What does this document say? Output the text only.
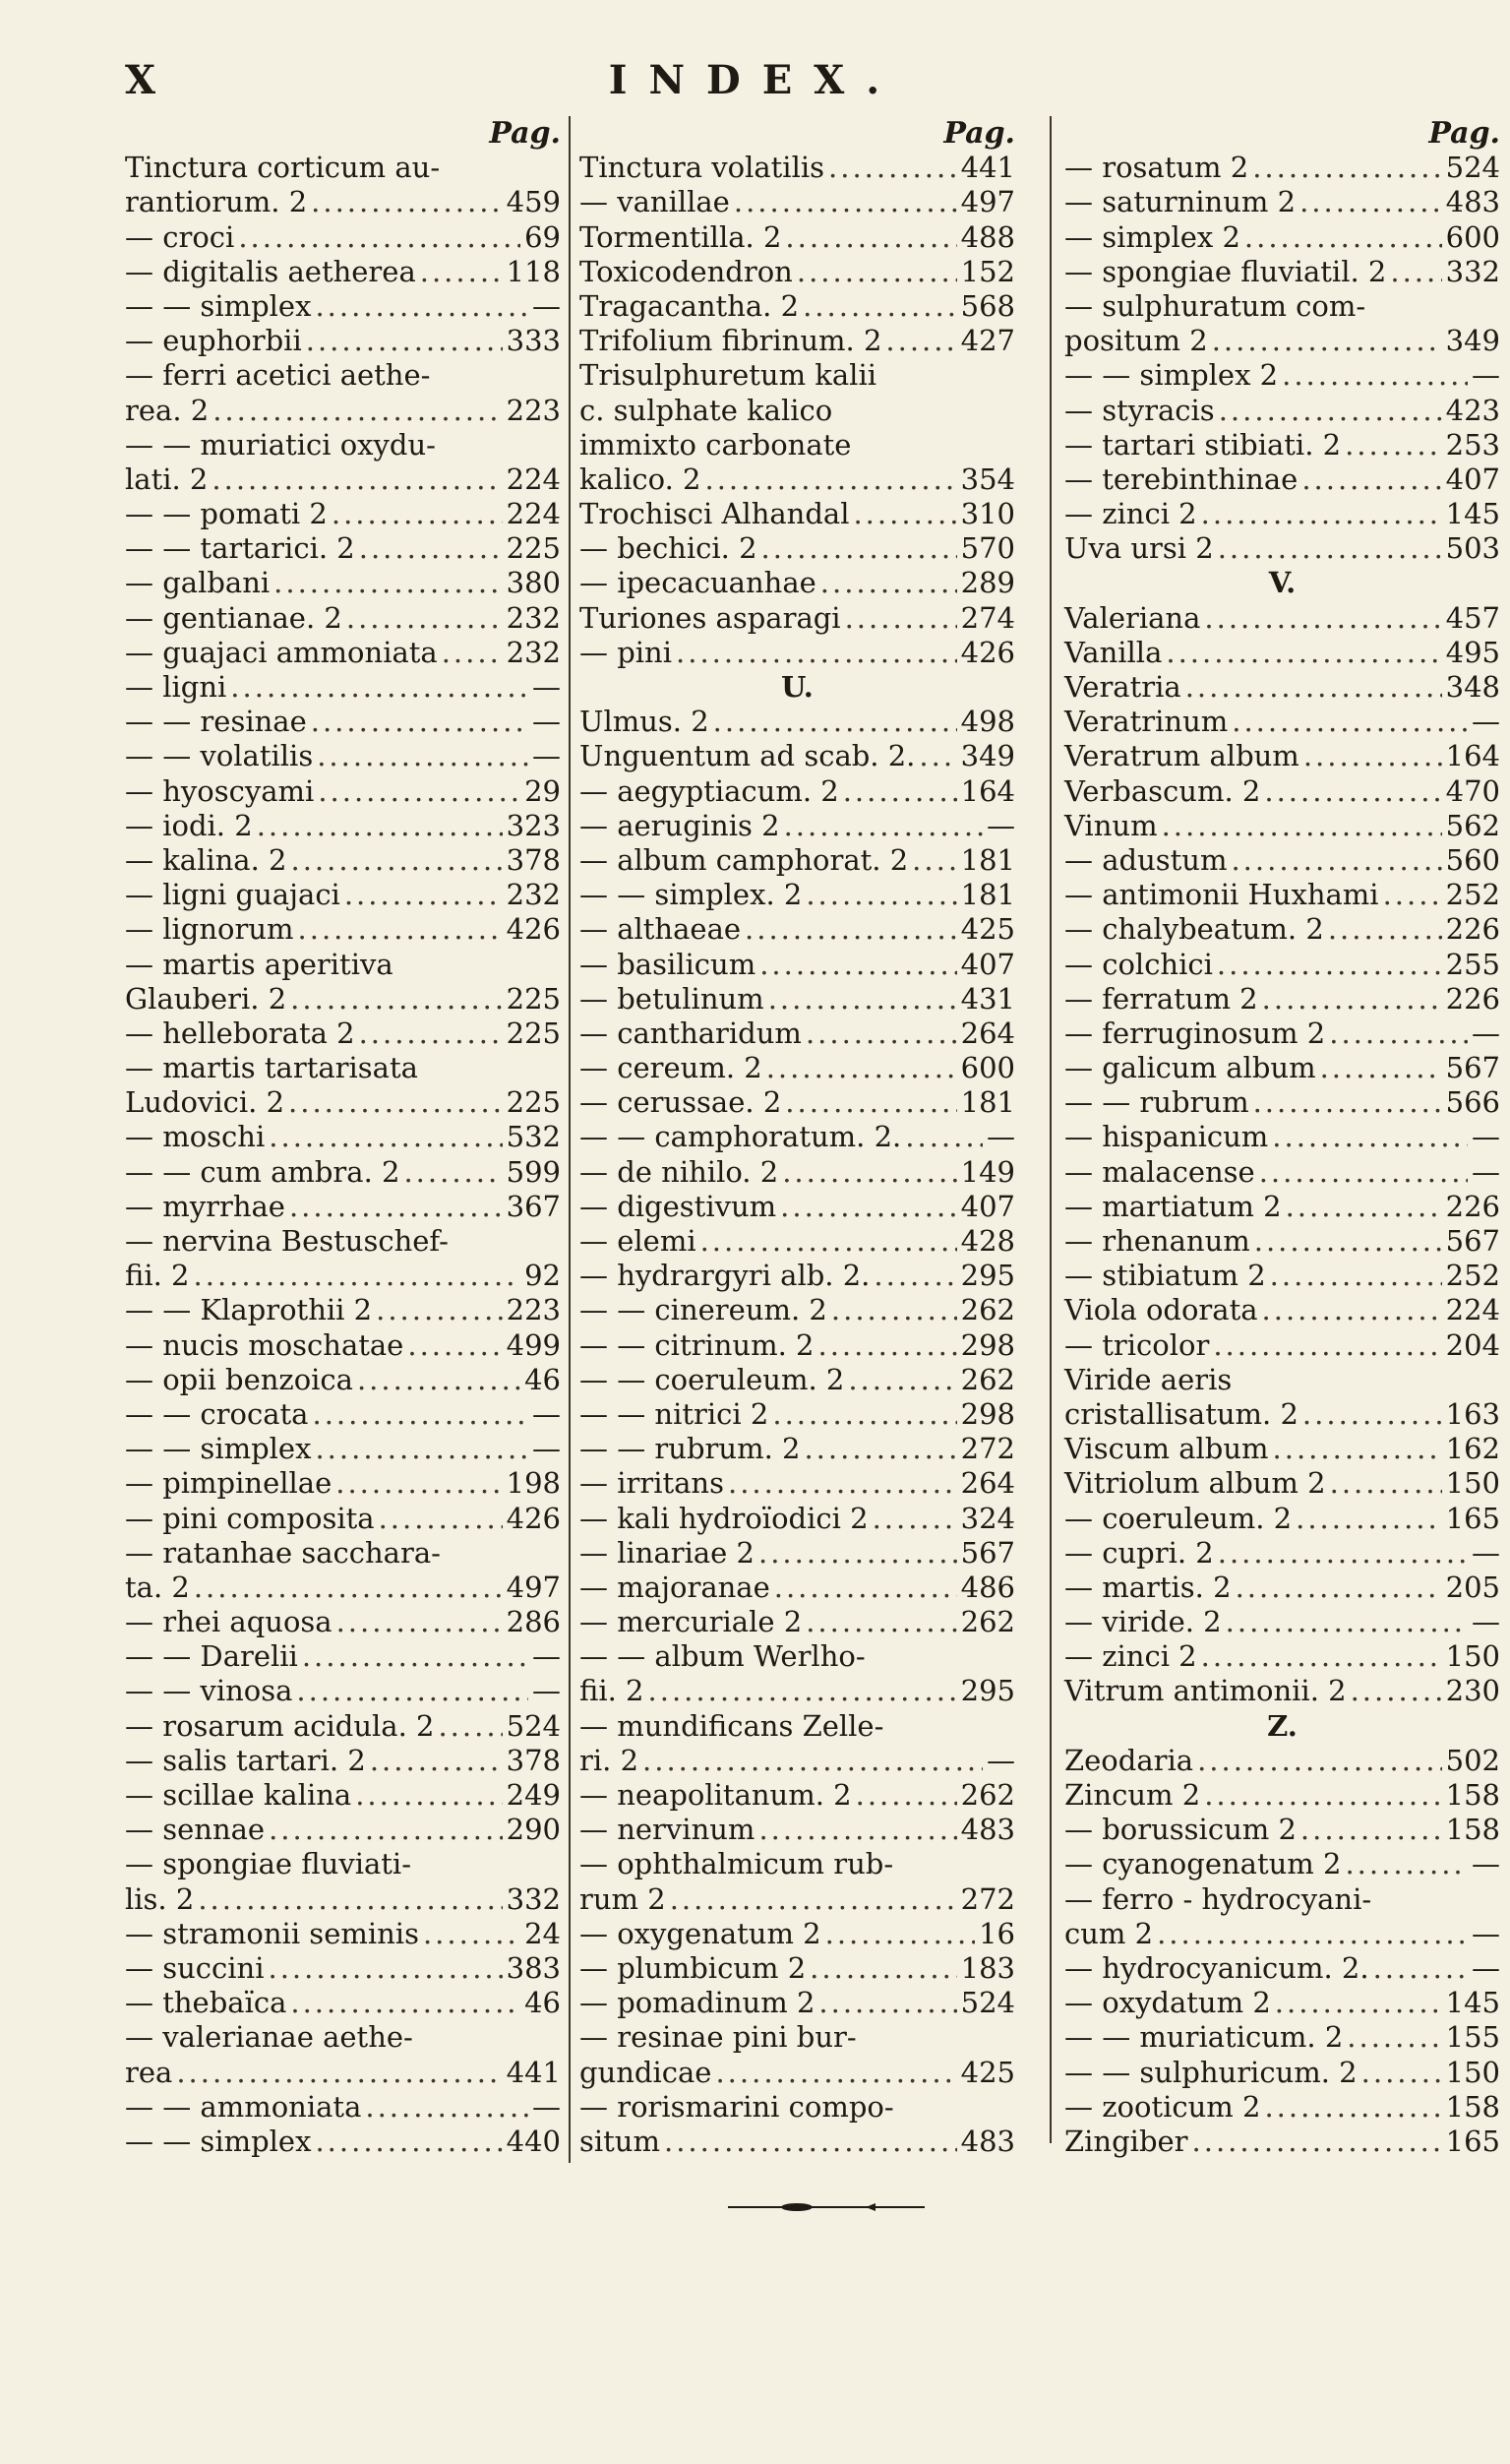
X	INDEX.
Pag.
Tinctura corticum au-
rantiorum. 2 .....	459
— croci .....	69
— digitalis aetherea .....	118
— — simplex .....	—
— euphorbii .....	333
— ferri acetici aethe-
rea. 2 .....	223
— — muriatici oxydu-
lati. 2 .....	224
— — pomati 2 .....	224
— — tartarici. 2 .....	225
— galbani .....	380
— gentianae. 2 .....	232
— guajaci ammoniata ..... 232
— ligni .....	—
— — resinae .....	—
— — volatilis .....	—
— hyoscyami .....	29
— iodi. 2 .....	323
— kalina. 2 .....	378
— ligni guajaci .....	232
— lignorum .....	426
— martis aperitiva
Glauberi. 2 .....	225
— helleborata 2 .....	225
— martis tartarisata
Ludovici. 2 .....	225
— moschi .....	532
— — cum ambra. 2 .....	599
— myrrhae .....	367
— nervina Bestuschef-
fii. 2 .....	92
— — Klaprothii 2 .....	223
— nucis moschatae .....	499
— opii benzoica .....	46
— — crocata .....	—
— — simplex .....	—
— pimpinellae .....	198
— pini composita .....	426
— ratanhae sacchara-
ta. 2 .....	497
— rhei aquosa .....	286
— — Darelii .....	—
— — vinosa .....	—
— rosarum acidula. 2 .....	524
— salis tartari. 2 .....	378
— scillae kalina .....	249
— sennae .....	290
— spongiae fluviati-
lis. 2 .....	332
— stramonii seminis .....	24
— succini .....	383
— thebaïca .....	46
— valerianae aethe-
rea .....	441
— — ammoniata .....	—
— — simplex .....	440
Pag.
Tinctura volatilis .....	441
— vanillae .....	497
Tormentilla. 2 .....	488
Toxicodendron .....	152
Tragacantha. 2 .....	568
Trifolium fibrinum. 2 .....	427
Trisulphuretum kalii
c. sulphate kalico
immixto carbonate
kalico. 2 .....	354
Trochisci Alhandal .....	310
— bechici. 2 .....	570
— ipecacuanhae .....	289
Turiones asparagi .....	274
— pini .....	426
U.
Ulmus. 2 .....	498
Unguentum ad scab. 2. ..... 349
— aegyptiacum. 2 .....	164
— aeruginis 2 .....	—
— album camphorat. 2 ..... 181
— — simplex. 2 .....	181
— althaeae .....	425
— basilicum .....	407
— betulinum .....	431
— cantharidum .....	264
— cereum. 2 .....	600
— cerussae. 2 .....	181
— — camphoratum. 2. .....	—
— de nihilo. 2 .....	149
— digestivum .....	407
— elemi .....	428
— hydrargyri alb. 2. .....	295
— — cinereum. 2 .....	262
— — citrinum. 2 .....	298
— — coeruleum. 2 .....	262
— — nitrici 2 .....	298
— — rubrum. 2 .....	272
— irritans .....	264
— kali hydroïodici 2 .....	324
— linariae 2 .....	567
— majoranae .....	486
— mercuriale 2 .....	262
— — album Werlho-
fii. 2 .....	295
— mundificans Zelle-
ri. 2 .....	—
— neapolitanum. 2 .....	262
— nervinum .....	483
— ophthalmicum rub-
rum 2 .....	272
— oxygenatum 2 .....	16
— plumbicum 2 .....	183
— pomadinum 2 .....	524
— resinae pini bur-
gundicae .....	425
— rorismarini compo-
situm .....	483
Pag.
— rosatum 2 .....	524
— saturninum 2 .....	483
— simplex 2 .....	600
— spongiae fluviatil. 2 ..... 332
— sulphuratum com-
positum 2 .....	349
— — simplex 2 .....	—
— styracis .....	423
— tartari stibiati. 2 .....	253
— terebinthinae .....	407
— zinci 2 .....	145
Uva ursi 2 .....	503
V.
Valeriana .....	457
Vanilla .....	495
Veratria .....	348
Veratrinum .....	—
Veratrum album .....	164
Verbascum. 2 .....	470
Vinum .....	562
— adustum .....	560
— antimonii Huxhami ..... 252
— chalybeatum. 2 .....	226
— colchici .....	255
— ferratum 2 .....	226
— ferruginosum 2 .....	—
— galicum album .....	567
— — rubrum .....	566
— hispanicum .....	—
— malacense .....	—
— martiatum 2 .....	226
— rhenanum .....	567
— stibiatum 2 .....	252
Viola odorata .....	224
— tricolor .....	204
Viride aeris
cristallisatum. 2 .....	163
Viscum album .....	162
Vitriolum album 2 .....	150
— coeruleum. 2 .....	165
— cupri. 2 .....	—
— martis. 2 .....	205
— viride. 2 .....	—
— zinci 2 .....	150
Vitrum antimonii. 2 .....	230
Z.
Zeodaria .....	502
Zincum 2 .....	158
— borussicum 2 .....	158
— cyanogenatum 2 .....	—
— ferro - hydrocyani-
cum 2 .....	—
— hydrocyanicum. 2. .....	—
— oxydatum 2 .....	145
— — muriaticum. 2 .....	155
— — sulphuricum. 2 .....	150
— zooticum 2 .....	158
Zingiber .....	165
